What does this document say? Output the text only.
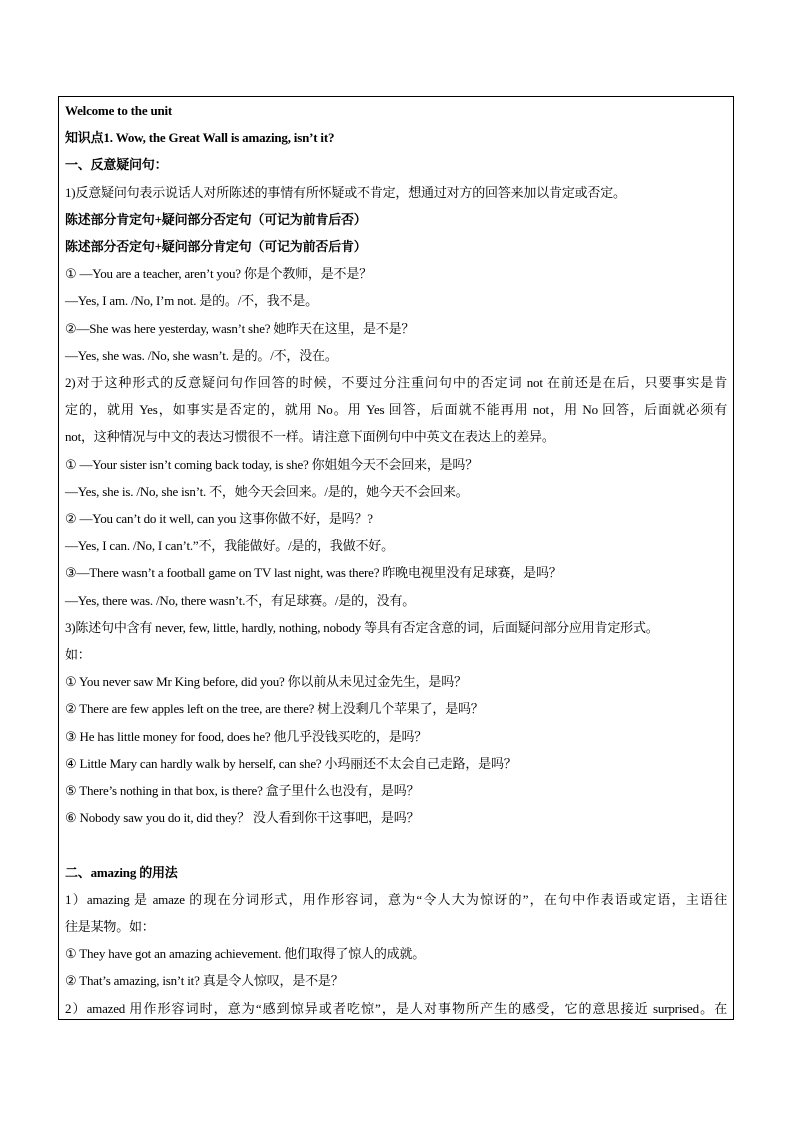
Welcome to the unit
知识点1. Wow, the Great Wall is amazing, isn’t it?
一、反意疑问句：
1)反意疑问句表示说话人对所陈述的事情有所怀疑或不肯定，想通过对方的回答来加以肯定或否定。
陈述部分肯定句+疑问部分否定句（可记为前肯后否）
陈述部分否定句+疑问部分肯定句（可记为前否后肯）
① —You are a teacher, aren’t you? 你是个教师，是不是？
—Yes, I am. /No, I’m not. 是的。/不，我不是。
②—She was here yesterday, wasn’t she? 她昨天在这里，是不是？
—Yes, she was. /No, she wasn’t. 是的。/不，没在。
2)对于这种形式的反意疑问句作回答的时候，不要过分注重问句中的否定词 not 在前还是在后，只要事实是肯
定的，就用 Yes，如事实是否定的，就用 No。用 Yes 回答，后面就不能再用 not，用 No 回答，后面就必须有
not，这种情况与中文的表达习惯很不一样。请注意下面例句中中英文在表达上的差异。
① —Your sister isn’t coming back today, is she? 你姐姐今天不会回来，是吗？
—Yes, she is. /No, she isn’t. 不，她今天会回来。/是的，她今天不会回来。
② —You can’t do it well, can you 这事你做不好，是吗？?
—Yes, I can. /No, I can’t.”不，我能做好。/是的，我做不好。
③—There wasn’t a football game on TV last night, was there? 昨晚电视里没有足球赛，是吗？
—Yes, there was. /No, there wasn’t.不，有足球赛。/是的，没有。
3)陈述句中含有 never, few, little, hardly, nothing, nobody 等具有否定含意的词，后面疑问部分应用肯定形式。
如：
① You never saw Mr King before, did you? 你以前从未见过金先生，是吗？
② There are few apples left on the tree, are there? 树上没剩几个苹果了，是吗？
③ He has little money for food, does he? 他几乎没钱买吃的，是吗？
④ Little Mary can hardly walk by herself, can she? 小玛丽还不太会自己走路，是吗？
⑤ There’s nothing in that box, is there? 盒子里什么也没有，是吗？
⑥ Nobody saw you do it, did they？ 没人看到你干这事吧，是吗？
二、amazing 的用法
1）amazing 是 amaze 的现在分词形式，用作形容词，意为“令人大为惊讶的”，在句中作表语或定语，主语往
往是某物。如：
① They have got an amazing achievement. 他们取得了惊人的成就。
② That’s amazing, isn’t it? 真是令人惊叹，是不是？
2）amazed 用作形容词时，意为“感到惊异或者吃惊”，是人对事物所产生的感受，它的意思接近 surprised。在
